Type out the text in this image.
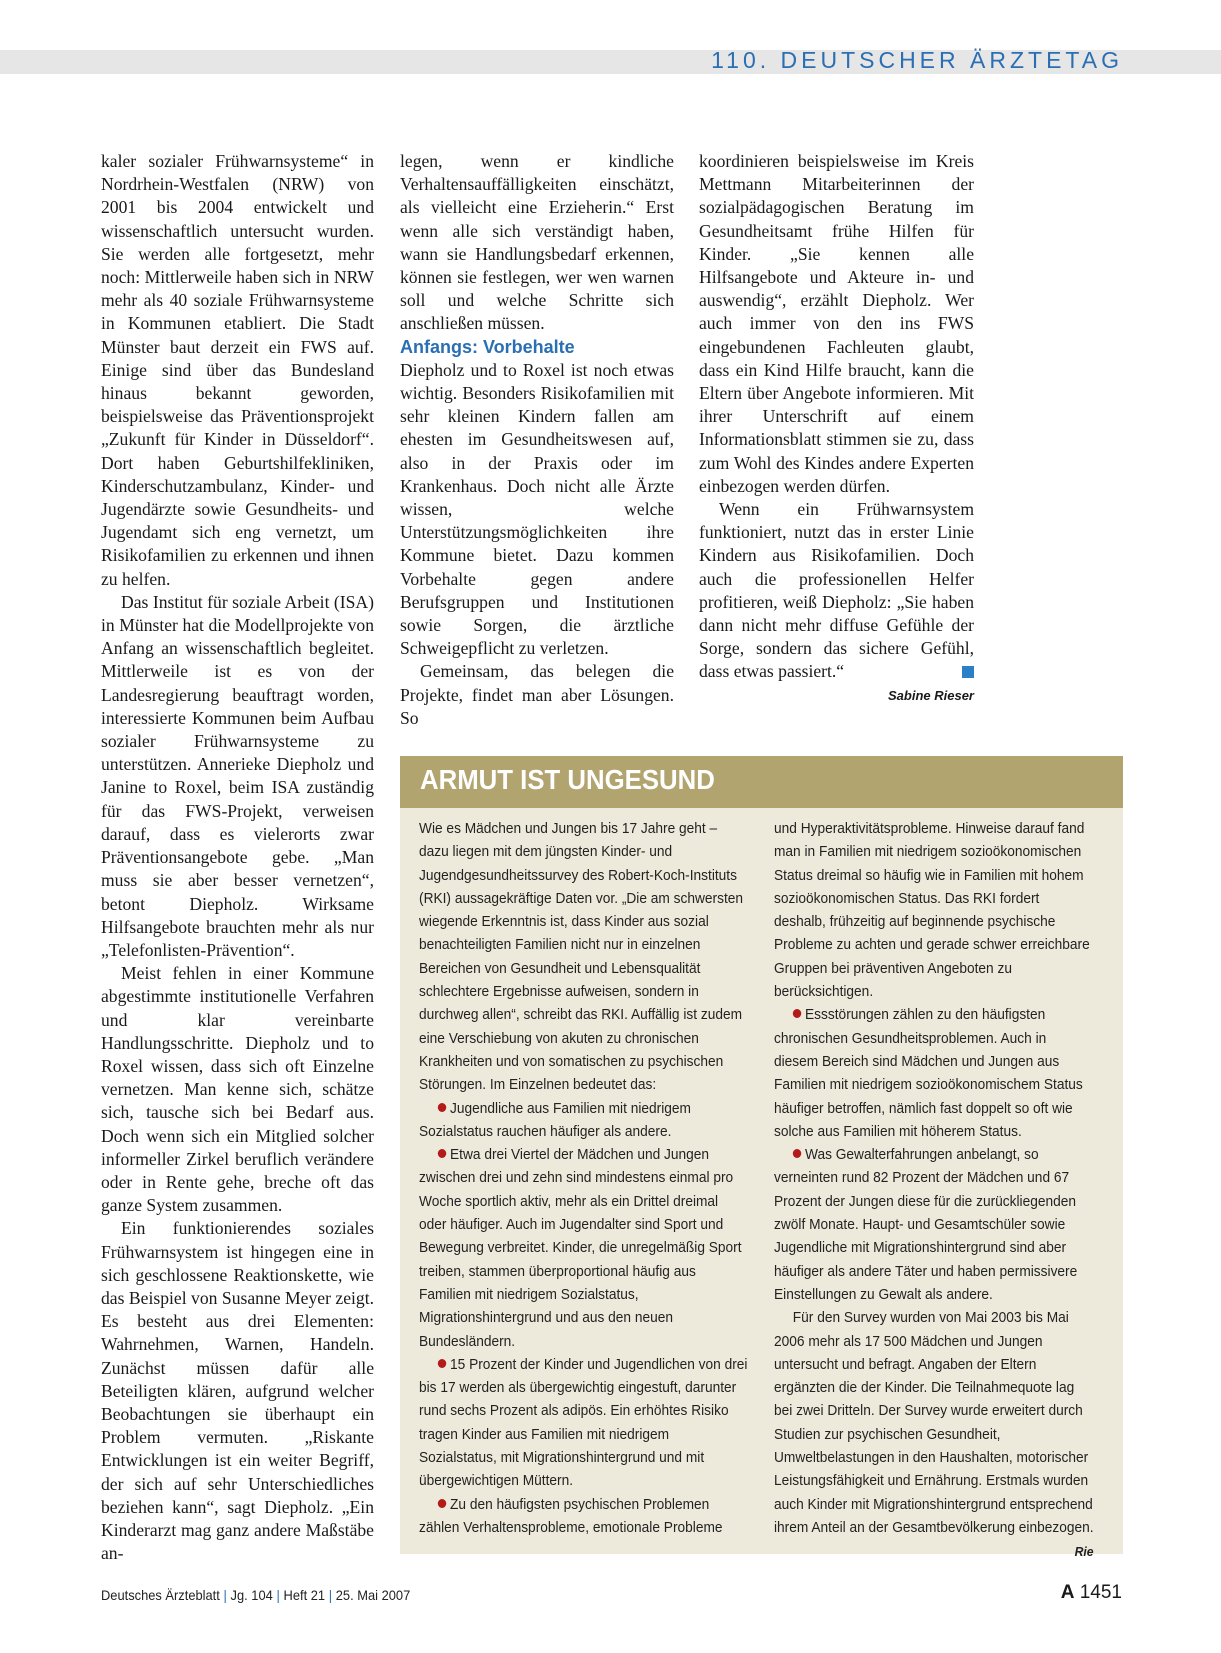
110. DEUTSCHER ÄRZTETAG

kaler sozialer Frühwarnsysteme“ in Nordrhein-Westfalen (NRW) von 2001 bis 2004 entwickelt und wissenschaftlich untersucht wurden. Sie werden alle fortgesetzt, mehr noch: Mittlerweile haben sich in NRW mehr als 40 soziale Frühwarnsysteme in Kommunen etabliert. Die Stadt Münster baut derzeit ein FWS auf. Einige sind über das Bundesland hinaus bekannt geworden, beispielsweise das Präventionsprojekt „Zukunft für Kinder in Düsseldorf“. Dort haben Geburtshilfekliniken, Kinderschutzambulanz, Kinder- und Jugendärzte sowie Gesundheits- und Jugendamt sich eng vernetzt, um Risikofamilien zu erkennen und ihnen zu helfen.

Das Institut für soziale Arbeit (ISA) in Münster hat die Modellprojekte von Anfang an wissenschaftlich begleitet. Mittlerweile ist es von der Landesregierung beauftragt worden, interessierte Kommunen beim Aufbau sozialer Frühwarnsysteme zu unterstützen. Annerieke Diepholz und Janine to Roxel, beim ISA zuständig für das FWS-Projekt, verweisen darauf, dass es vielerorts zwar Präventionsangebote gebe. „Man muss sie aber besser vernetzen“, betont Diepholz. Wirksame Hilfsangebote brauchten mehr als nur „Telefonlisten-Prävention“.

Meist fehlen in einer Kommune abgestimmte institutionelle Verfahren und klar vereinbarte Handlungsschritte. Diepholz und to Roxel wissen, dass sich oft Einzelne vernetzen. Man kenne sich, schätze sich, tausche sich bei Bedarf aus. Doch wenn sich ein Mitglied solcher informeller Zirkel beruflich verändere oder in Rente gehe, breche oft das ganze System zusammen.

Ein funktionierendes soziales Frühwarnsystem ist hingegen eine in sich geschlossene Reaktionskette, wie das Beispiel von Susanne Meyer zeigt. Es besteht aus drei Elementen: Wahrnehmen, Warnen, Handeln. Zunächst müssen dafür alle Beteiligten klären, aufgrund welcher Beobachtungen sie überhaupt ein Problem vermuten. „Riskante Entwicklungen ist ein weiter Begriff, der sich auf sehr Unterschiedliches beziehen kann“, sagt Diepholz. „Ein Kinderarzt mag ganz andere Maßstäbe an-

legen, wenn er kindliche Verhaltensauffälligkeiten einschätzt, als vielleicht eine Erzieherin.“ Erst wenn alle sich verständigt haben, wann sie Handlungsbedarf erkennen, können sie festlegen, wer wen warnen soll und welche Schritte sich anschließen müssen.

Anfangs: Vorbehalte

Diepholz und to Roxel ist noch etwas wichtig. Besonders Risikofamilien mit sehr kleinen Kindern fallen am ehesten im Gesundheitswesen auf, also in der Praxis oder im Krankenhaus. Doch nicht alle Ärzte wissen, welche Unterstützungsmöglichkeiten ihre Kommune bietet. Dazu kommen Vorbehalte gegen andere Berufsgruppen und Institutionen sowie Sorgen, die ärztliche Schweigepflicht zu verletzen.

Gemeinsam, das belegen die Projekte, findet man aber Lösungen. So

koordinieren beispielsweise im Kreis Mettmann Mitarbeiterinnen der sozialpädagogischen Beratung im Gesundheitsamt frühe Hilfen für Kinder. „Sie kennen alle Hilfsangebote und Akteure in- und auswendig“, erzählt Diepholz. Wer auch immer von den ins FWS eingebundenen Fachleuten glaubt, dass ein Kind Hilfe braucht, kann die Eltern über Angebote informieren. Mit ihrer Unterschrift auf einem Informationsblatt stimmen sie zu, dass zum Wohl des Kindes andere Experten einbezogen werden dürfen.

Wenn ein Frühwarnsystem funktioniert, nutzt das in erster Linie Kindern aus Risikofamilien. Doch auch die professionellen Helfer profitieren, weiß Diepholz: „Sie haben dann nicht mehr diffuse Gefühle der Sorge, sondern das sichere Gefühl, dass etwas passiert.“

Sabine Rieser

ARMUT IST UNGESUND

Wie es Mädchen und Jungen bis 17 Jahre geht – dazu liegen mit dem jüngsten Kinder- und Jugendgesundheitssurvey des Robert-Koch-Instituts (RKI) aussagekräftige Daten vor. „Die am schwersten wiegende Erkenntnis ist, dass Kinder aus sozial benachteiligten Familien nicht nur in einzelnen Bereichen von Gesundheit und Lebensqualität schlechtere Ergebnisse aufweisen, sondern in durchweg allen“, schreibt das RKI. Auffällig ist zudem eine Verschiebung von akuten zu chronischen Krankheiten und von somatischen zu psychischen Störungen. Im Einzelnen bedeutet das:

Jugendliche aus Familien mit niedrigem Sozialstatus rauchen häufiger als andere.

Etwa drei Viertel der Mädchen und Jungen zwischen drei und zehn sind mindestens einmal pro Woche sportlich aktiv, mehr als ein Drittel dreimal oder häufiger. Auch im Jugendalter sind Sport und Bewegung verbreitet. Kinder, die unregelmäßig Sport treiben, stammen überproportional häufig aus Familien mit niedrigem Sozialstatus, Migrationshintergrund und aus den neuen Bundesländern.

15 Prozent der Kinder und Jugendlichen von drei bis 17 werden als übergewichtig eingestuft, darunter rund sechs Prozent als adipös. Ein erhöhtes Risiko tragen Kinder aus Familien mit niedrigem Sozialstatus, mit Migrationshintergrund und mit übergewichtigen Müttern.

Zu den häufigsten psychischen Problemen zählen Verhaltensprobleme, emotionale Probleme

und Hyperaktivitätsprobleme. Hinweise darauf fand man in Familien mit niedrigem sozioökonomischen Status dreimal so häufig wie in Familien mit hohem sozioökonomischen Status. Das RKI fordert deshalb, frühzeitig auf beginnende psychische Probleme zu achten und gerade schwer erreichbare Gruppen bei präventiven Angeboten zu berücksichtigen.

Essstörungen zählen zu den häufigsten chronischen Gesundheitsproblemen. Auch in diesem Bereich sind Mädchen und Jungen aus Familien mit niedrigem sozioökonomischem Status häufiger betroffen, nämlich fast doppelt so oft wie solche aus Familien mit höherem Status.

Was Gewalterfahrungen anbelangt, so verneinten rund 82 Prozent der Mädchen und 67 Prozent der Jungen diese für die zurückliegenden zwölf Monate. Haupt- und Gesamtschüler sowie Jugendliche mit Migrationshintergrund sind aber häufiger als andere Täter und haben permissivere Einstellungen zu Gewalt als andere.

Für den Survey wurden von Mai 2003 bis Mai 2006 mehr als 17 500 Mädchen und Jungen untersucht und befragt. Angaben der Eltern ergänzten die der Kinder. Die Teilnahmequote lag bei zwei Dritteln. Der Survey wurde erweitert durch Studien zur psychischen Gesundheit, Umweltbelastungen in den Haushalten, motorischer Leistungsfähigkeit und Ernährung. Erstmals wurden auch Kinder mit Migrationshintergrund entsprechend ihrem Anteil an der Gesamtbevölkerung einbezogen.
Rie

Deutsches Ärzteblatt | Jg. 104 | Heft 21 | 25. Mai 2007	A 1451
